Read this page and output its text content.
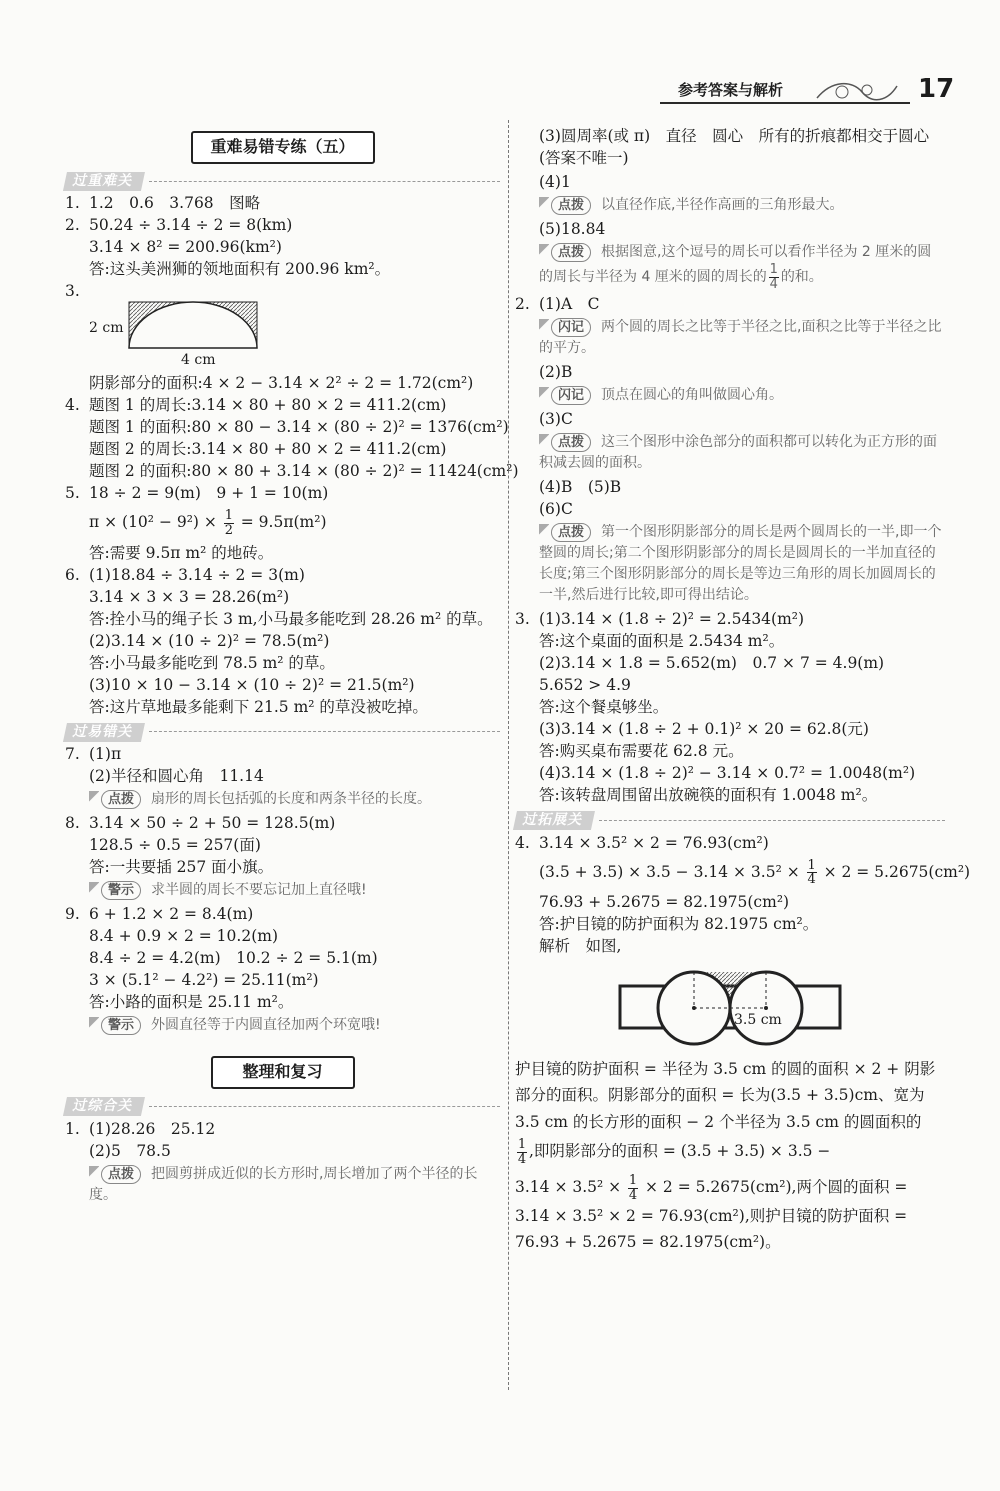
参考答案与解析	17
重难易错专练（五）
过重难关
1. 1.2　0.6　3.768　图略
2. 50.24 ÷ 3.14 ÷ 2 = 8(km)
3.14 × 8² = 200.96(km²)
答:这头美洲狮的领地面积有 200.96 km²。
3.
2 cm
4 cm
阴影部分的面积:4 × 2 − 3.14 × 2² ÷ 2 = 1.72(cm²)
4. 题图 1 的周长:3.14 × 80 + 80 × 2 = 411.2(cm)
题图 1 的面积:80 × 80 − 3.14 × (80 ÷ 2)² = 1376(cm²)
题图 2 的周长:3.14 × 80 + 80 × 2 = 411.2(cm)
题图 2 的面积:80 × 80 + 3.14 × (80 ÷ 2)² = 11424(cm²)
5. 18 ÷ 2 = 9(m)　9 + 1 = 10(m)
$\pi \times (10^2 - 9^2) \times \frac{1}{2} = 9.5\pi(m^2)$
答:需要 9.5π m² 的地砖。
6. (1)18.84 ÷ 3.14 ÷ 2 = 3(m)
3.14 × 3 × 3 = 28.26(m²)
答:拴小马的绳子长 3 m,小马最多能吃到 28.26 m² 的草。
(2)3.14 × (10 ÷ 2)² = 78.5(m²)
答:小马最多能吃到 78.5 m² 的草。
(3)10 × 10 − 3.14 × (10 ÷ 2)² = 21.5(m²)
答:这片草地最多能剩下 21.5 m² 的草没被吃掉。
过易错关
7. (1)π
(2)半径和圆心角　11.14
点拨 扇形的周长包括弧的长度和两条半径的长度。
8. 3.14 × 50 ÷ 2 + 50 = 128.5(m)
128.5 ÷ 0.5 = 257(面)
答:一共要插 257 面小旗。
警示 求半圆的周长不要忘记加上直径哦!
9. 6 + 1.2 × 2 = 8.4(m)
8.4 + 0.9 × 2 = 10.2(m)
8.4 ÷ 2 = 4.2(m)　10.2 ÷ 2 = 5.1(m)
3 × (5.1² − 4.2²) = 25.11(m²)
答:小路的面积是 25.11 m²。
警示 外圆直径等于内圆直径加两个环宽哦!
整理和复习
过综合关
1. (1)28.26　25.12
(2)5　78.5
点拨 把圆剪拼成近似的长方形时,周长增加了两个半径的长度。
(3)圆周率(或 π)　直径　圆心　所有的折痕都相交于圆心(答案不唯一)
(4)1
点拨 以直径作底,半径作高画的三角形最大。
(5)18.84
点拨 根据图意,这个逗号的周长可以看作半径为 2 厘米的圆的周长与半径为 4 厘米的圆的周长的 $\frac{1}{4}$ 的和。
2. (1)A　C
闪记 两个圆的周长之比等于半径之比,面积之比等于半径之比的平方。
(2)B
闪记 顶点在圆心的角叫做圆心角。
(3)C
点拨 这三个图形中涂色部分的面积都可以转化为正方形的面积减去圆的面积。
(4)B　(5)B
(6)C
点拨 第一个图形阴影部分的周长是两个圆周长的一半,即一个整圆的周长;第二个图形阴影部分的周长是圆周长的一半加直径的长度;第三个图形阴影部分的周长是等边三角形的周长加圆周长的一半,然后进行比较,即可得出结论。
3. (1)3.14 × (1.8 ÷ 2)² = 2.5434(m²)
答:这个桌面的面积是 2.5434 m²。
(2)3.14 × 1.8 = 5.652(m)　0.7 × 7 = 4.9(m)
5.652 > 4.9
答:这个餐桌够坐。
(3)3.14 × (1.8 ÷ 2 + 0.1)² × 20 = 62.8(元)
答:购买桌布需要花 62.8 元。
(4)3.14 × (1.8 ÷ 2)² − 3.14 × 0.7² = 1.0048(m²)
答:该转盘周围留出放碗筷的面积有 1.0048 m²。
过拓展关
4. 3.14 × 3.5² × 2 = 76.93(cm²)
$(3.5 + 3.5) \times 3.5 - 3.14 \times 3.5^2 \times \frac{1}{4} \times 2 = 5.2675(cm^2)$
76.93 + 5.2675 = 82.1975(cm²)
答:护目镜的防护面积为 82.1975 cm²。
解析　如图,
3.5 cm
护目镜的防护面积 = 半径为 3.5 cm 的圆的面积 × 2 + 阴影部分的面积。阴影部分的面积 = 长为(3.5 + 3.5)cm、宽为 3.5 cm 的长方形的面积 − 2 个半径为 3.5 cm 的圆面积的
$\frac{1}{4}$ ,即阴影部分的面积 = (3.5 + 3.5) × 3.5 −
$3.14 \times 3.5^2 \times \frac{1}{4} \times 2 = 5.2675(cm^2)$,两个圆的面积 = 3.14 × 3.5² × 2 = 76.93(cm²),则护目镜的防护面积 = 76.93 + 5.2675 = 82.1975(cm²)。
